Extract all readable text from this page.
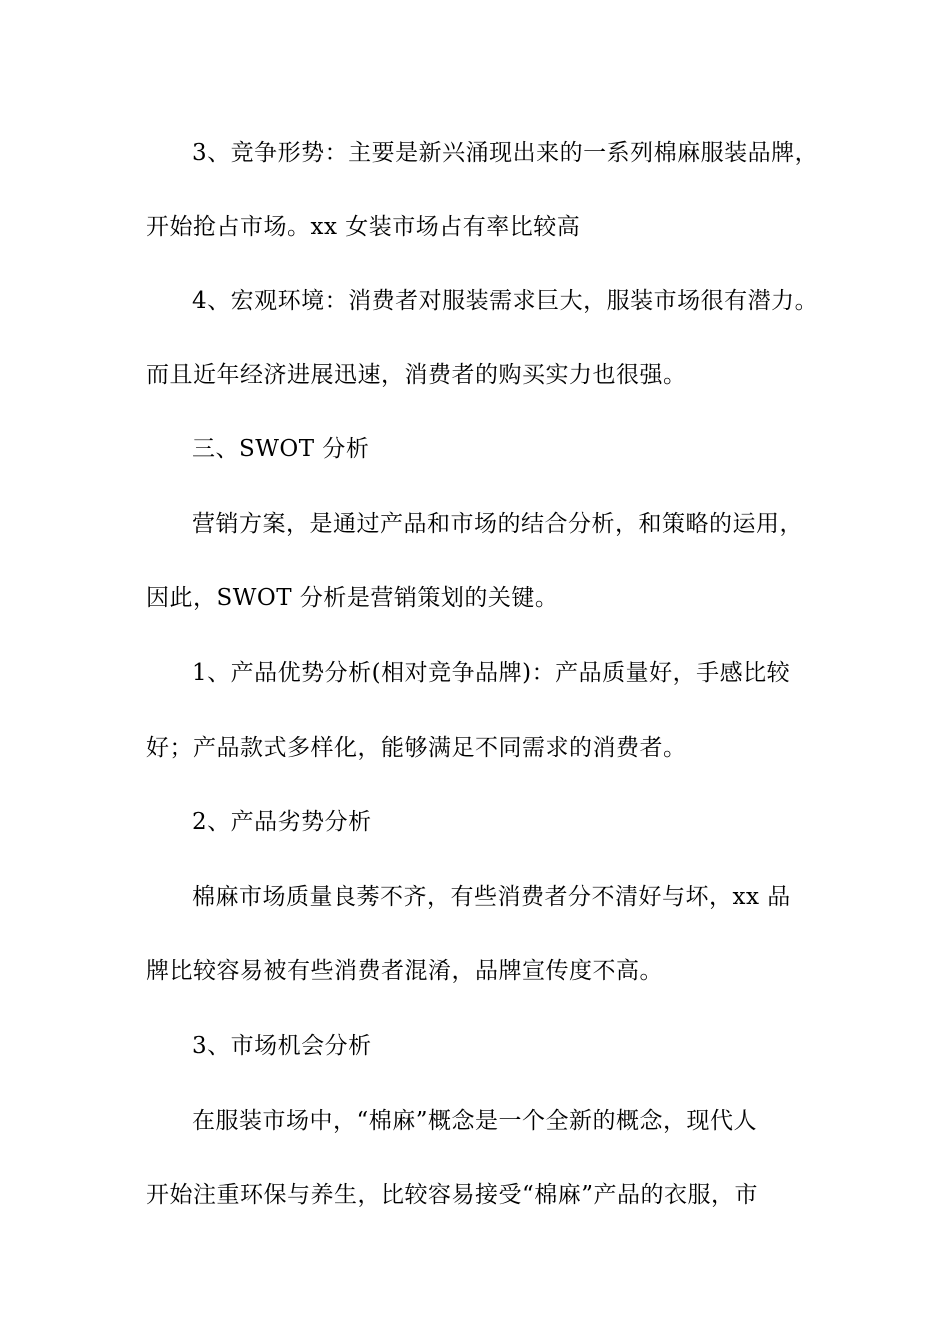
3、竞争形势：主要是新兴涌现出来的一系列棉麻服装品牌，
开始抢占市场。xx 女装市场占有率比较高
4、宏观环境：消费者对服装需求巨大，服装市场很有潜力。
而且近年经济进展迅速，消费者的购买实力也很强。
三、SWOT 分析
营销方案，是通过产品和市场的结合分析，和策略的运用，
因此，SWOT 分析是营销策划的关键。
1、产品优势分析(相对竞争品牌)：产品质量好，手感比较
好；产品款式多样化，能够满足不同需求的消费者。
2、产品劣势分析
棉麻市场质量良莠不齐，有些消费者分不清好与坏，xx 品
牌比较容易被有些消费者混淆，品牌宣传度不高。
3、市场机会分析
在服装市场中，“棉麻”概念是一个全新的概念，现代人
开始注重环保与养生，比较容易接受“棉麻”产品的衣服，市
